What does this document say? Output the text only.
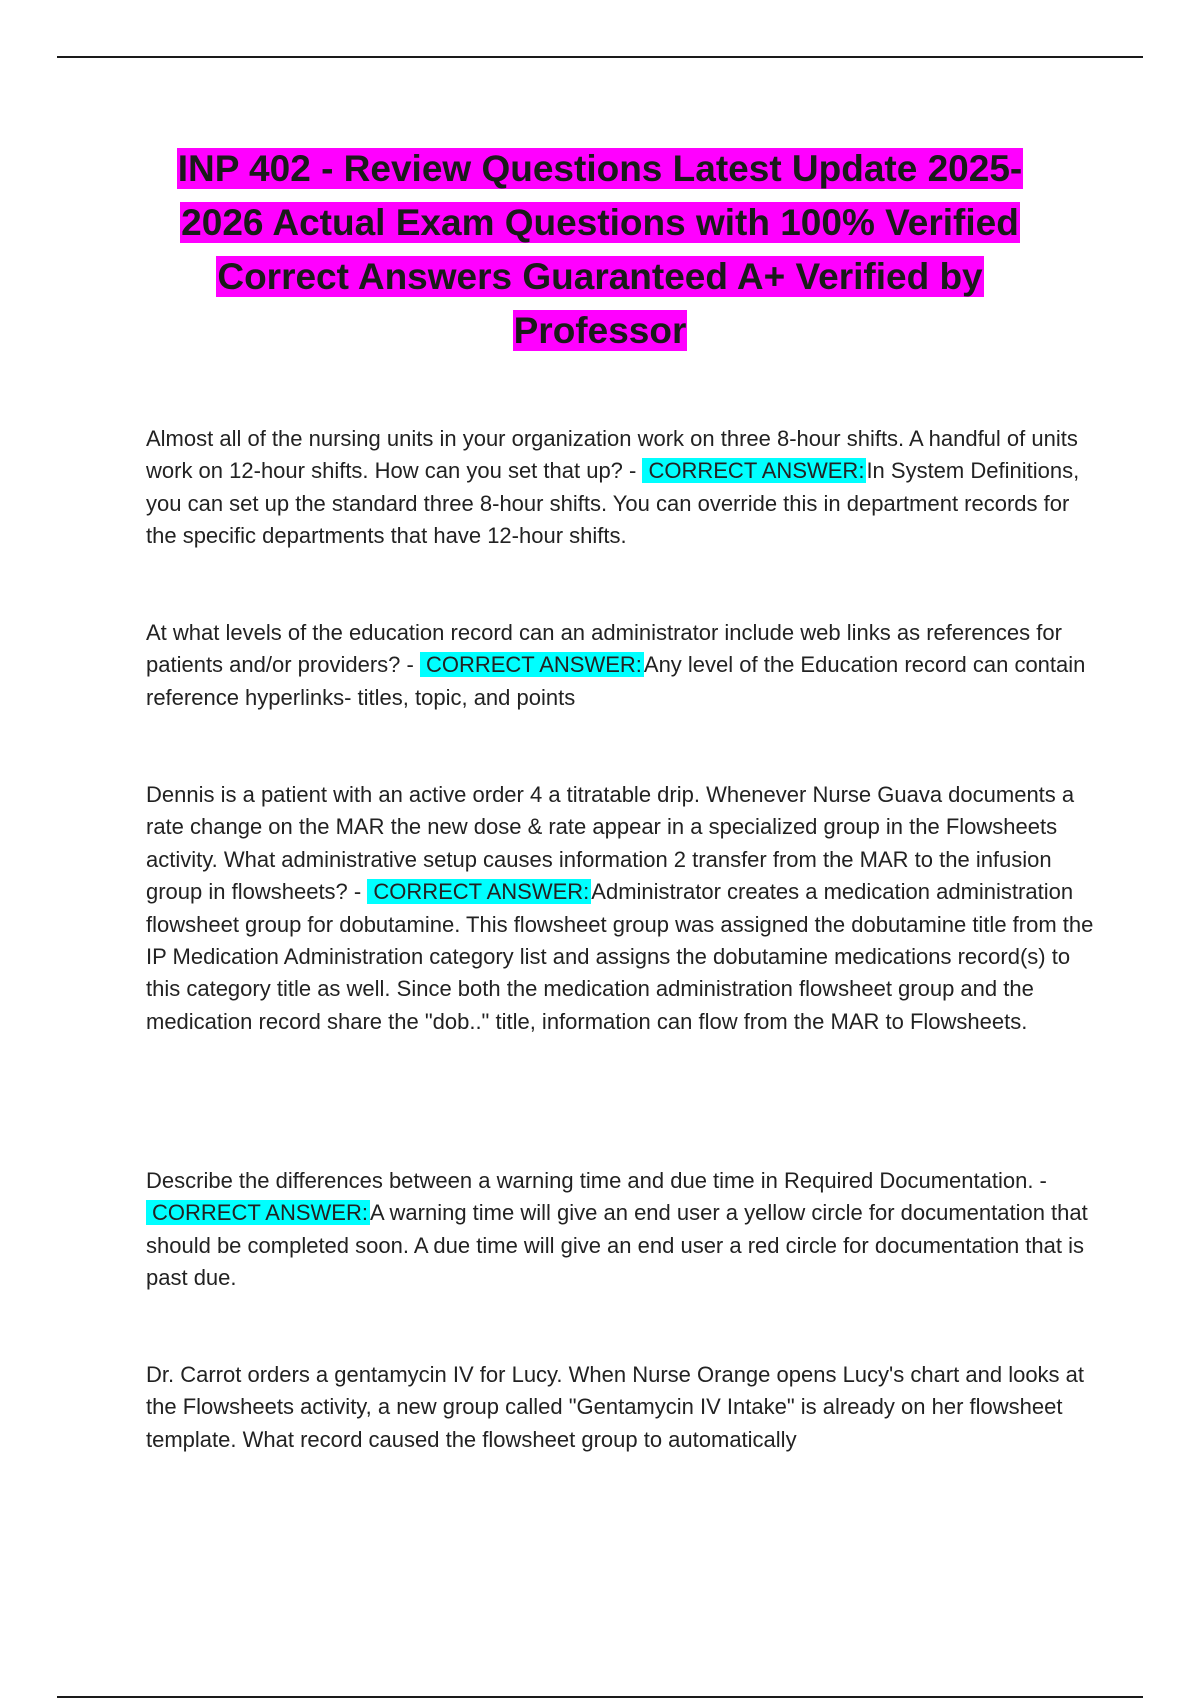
INP 402 - Review Questions Latest Update 2025-2026 Actual Exam Questions with 100% Verified Correct Answers Guaranteed A+ Verified by Professor
Almost all of the nursing units in your organization work on three 8-hour shifts. A handful of units work on 12-hour shifts. How can you set that up? - CORRECT ANSWER:In System Definitions, you can set up the standard three 8-hour shifts. You can override this in department records for the specific departments that have 12-hour shifts.
At what levels of the education record can an administrator include web links as references for patients and/or providers? - CORRECT ANSWER:Any level of the Education record can contain reference hyperlinks- titles, topic, and points
Dennis is a patient with an active order 4 a titratable drip. Whenever Nurse Guava documents a rate change on the MAR the new dose & rate appear in a specialized group in the Flowsheets activity. What administrative setup causes information 2 transfer from the MAR to the infusion group in flowsheets? - CORRECT ANSWER:Administrator creates a medication administration flowsheet group for dobutamine. This flowsheet group was assigned the dobutamine title from the IP Medication Administration category list and assigns the dobutamine medications record(s) to this category title as well. Since both the medication administration flowsheet group and the medication record share the "dob.." title, information can flow from the MAR to Flowsheets.
Describe the differences between a warning time and due time in Required Documentation. - CORRECT ANSWER:A warning time will give an end user a yellow circle for documentation that should be completed soon. A due time will give an end user a red circle for documentation that is past due.
Dr. Carrot orders a gentamycin IV for Lucy. When Nurse Orange opens Lucy's chart and looks at the Flowsheets activity, a new group called "Gentamycin IV Intake" is already on her flowsheet template. What record caused the flowsheet group to automatically
